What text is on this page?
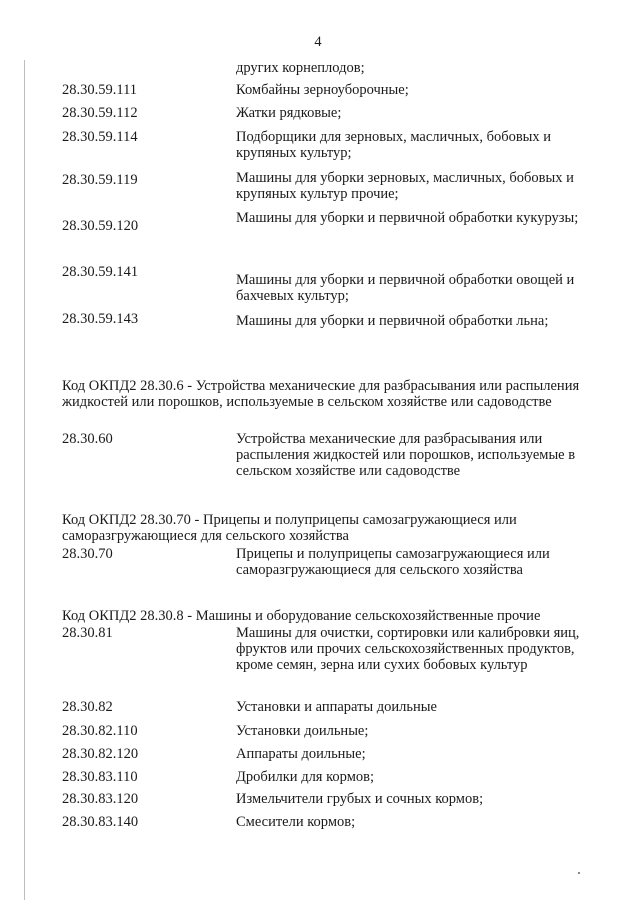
4
других корнеплодов;
28.30.59.111	Комбайны зерноуборочные;
28.30.59.112	Жатки рядковые;
28.30.59.114	Подборщики для зерновых, масличных, бобовых и крупяных культур;
28.30.59.119	Машины для уборки зерновых, масличных, бобовых и крупяных культур прочие;
28.30.59.120	Машины для уборки и первичной обработки кукурузы;
28.30.59.141	Машины для уборки и первичной обработки овощей и бахчевых культур;
28.30.59.143	Машины для уборки и первичной обработки льна;
Код ОКПД2 28.30.6 - Устройства механические для разбрасывания или распыления жидкостей или порошков, используемые в сельском хозяйстве или садоводстве
28.30.60	Устройства механические для разбрасывания или распыления жидкостей или порошков, используемые в сельском хозяйстве или садоводстве
Код ОКПД2 28.30.70 - Прицепы и полуприцепы самозагружающиеся или саморазгружающиеся для сельского хозяйства
28.30.70	Прицепы и полуприцепы самозагружающиеся или саморазгружающиеся для сельского хозяйства
Код ОКПД2 28.30.8 - Машины и оборудование сельскохозяйственные прочие
28.30.81	Машины для очистки, сортировки или калибровки яиц, фруктов или прочих сельскохозяйственных продуктов, кроме семян, зерна или сухих бобовых культур
28.30.82	Установки и аппараты доильные
28.30.82.110	Установки доильные;
28.30.82.120	Аппараты доильные;
28.30.83.110	Дробилки для кормов;
28.30.83.120	Измельчители грубых и сочных кормов;
28.30.83.140	Смесители кормов;
